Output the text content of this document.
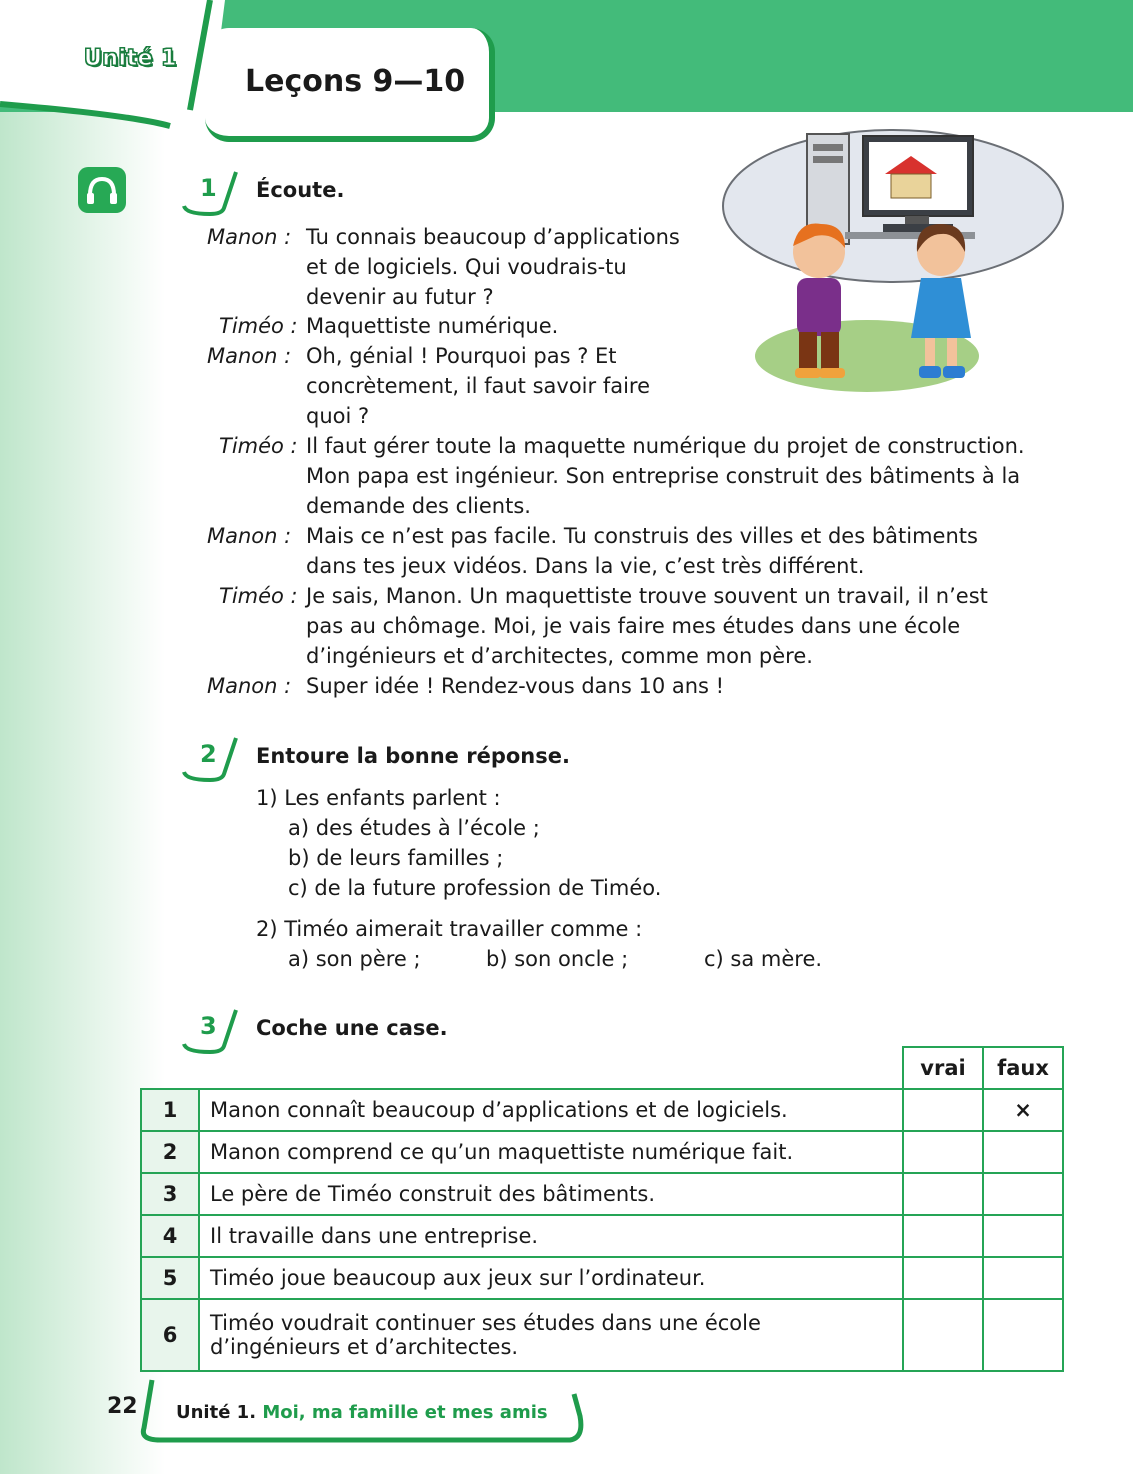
Unité 1
Leçons 9—10
1 Écoute.
Manon : Tu connais beaucoup d’applications
et de logiciels. Qui voudrais-tu
devenir au futur ?
Timéo : Maquettiste numérique.
Manon : Oh, génial ! Pourquoi pas ? Et
concrètement, il faut savoir faire
quoi ?
Timéo : Il faut gérer toute la maquette numérique du projet de construction.
Mon papa est ingénieur. Son entreprise construit des bâtiments à la
demande des clients.
Manon : Mais ce n’est pas facile. Tu construis des villes et des bâtiments
dans tes jeux vidéos. Dans la vie, c’est très différent.
Timéo : Je sais, Manon. Un maquettiste trouve souvent un travail, il n’est
pas au chômage. Moi, je vais faire mes études dans une école
d’ingénieurs et d’architectes, comme mon père.
Manon : Super idée ! Rendez-vous dans 10 ans !
2 Entoure la bonne réponse.
1) Les enfants parlent :
a) des études à l’école ;
b) de leurs familles ;
c) de la future profession de Timéo.
2) Timéo aimerait travailler comme :
a) son père ;	b) son oncle ;	c) sa mère.
3 Coche une case.
		vrai	faux
1	Manon connaît beaucoup d’applications et de logiciels.		×
2	Manon comprend ce qu’un maquettiste numérique fait.		
3	Le père de Timéo construit des bâtiments.		
4	Il travaille dans une entreprise.		
5	Timéo joue beaucoup aux jeux sur l’ordinateur.		
6	Timéo voudrait continuer ses études dans une école
d’ingénieurs et d’architectes.		

22 Unité 1. Moi, ma famille et mes amis
